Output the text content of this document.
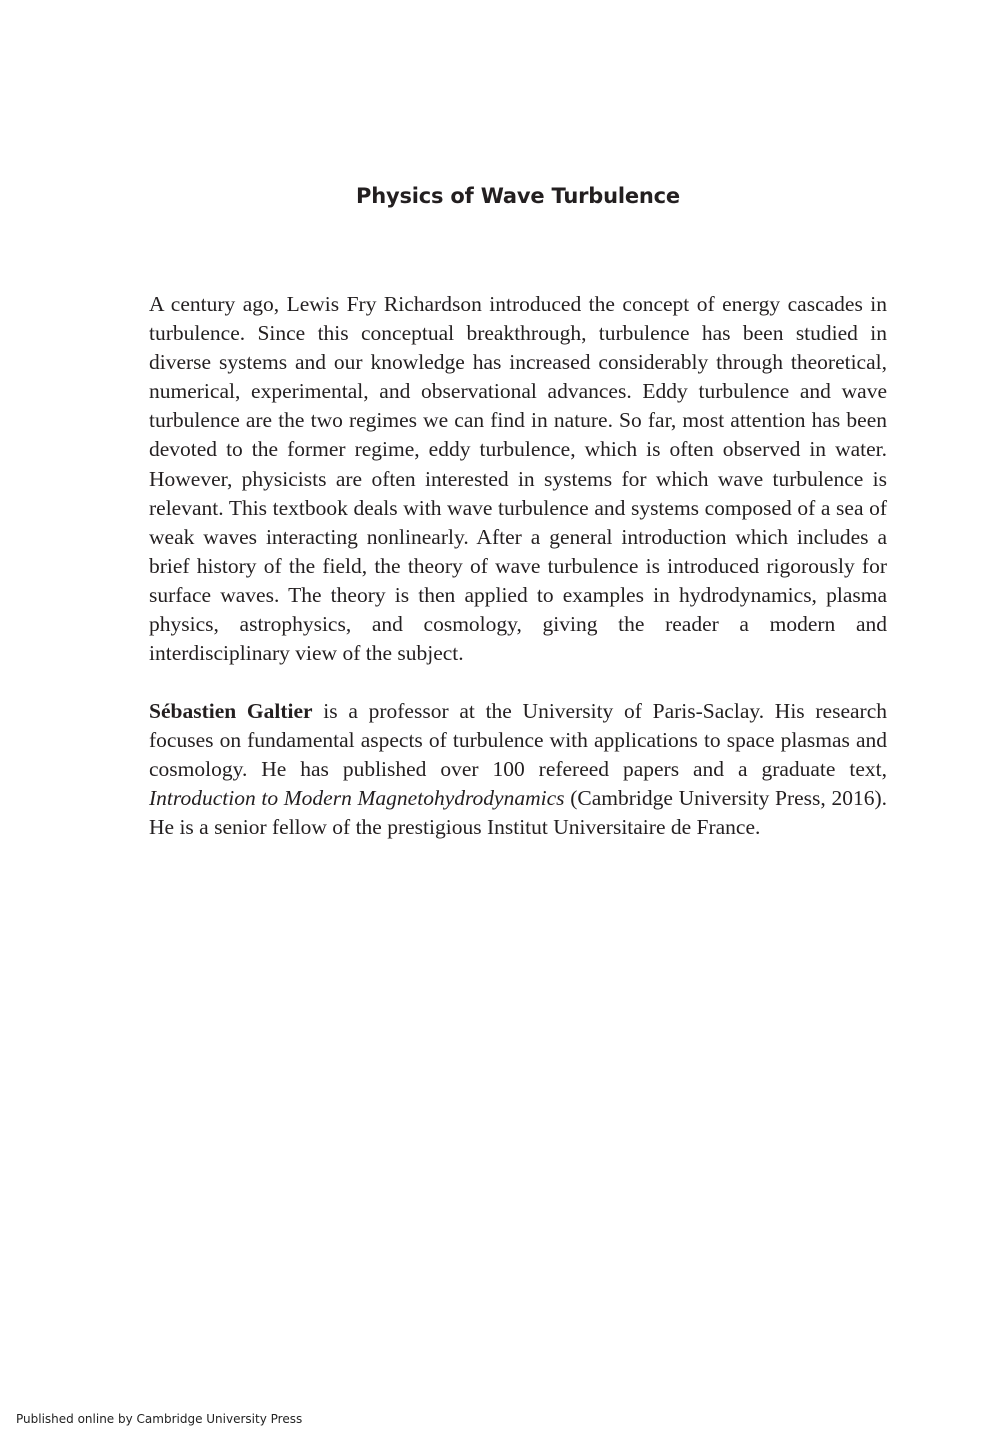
Physics of Wave Turbulence

A century ago, Lewis Fry Richardson introduced the concept of energy cascades in turbulence. Since this conceptual breakthrough, turbulence has been studied in diverse systems and our knowledge has increased considerably through theoretical, numerical, experimental, and observational advances. Eddy turbulence and wave turbulence are the two regimes we can find in nature. So far, most attention has been devoted to the former regime, eddy turbulence, which is often observed in water. However, physicists are often interested in systems for which wave turbulence is relevant. This textbook deals with wave turbulence and systems composed of a sea of weak waves interacting nonlinearly. After a general introduction which includes a brief history of the field, the theory of wave turbulence is introduced rigorously for surface waves. The theory is then applied to examples in hydrodynamics, plasma physics, astrophysics, and cosmology, giving the reader a modern and interdisciplinary view of the subject.

Sébastien Galtier is a professor at the University of Paris-Saclay. His research focuses on fundamental aspects of turbulence with applications to space plasmas and cosmology. He has published over 100 refereed papers and a graduate text, Introduction to Modern Magnetohydrodynamics (Cambridge University Press, 2016). He is a senior fellow of the prestigious Institut Universitaire de France.

Published online by Cambridge University Press
